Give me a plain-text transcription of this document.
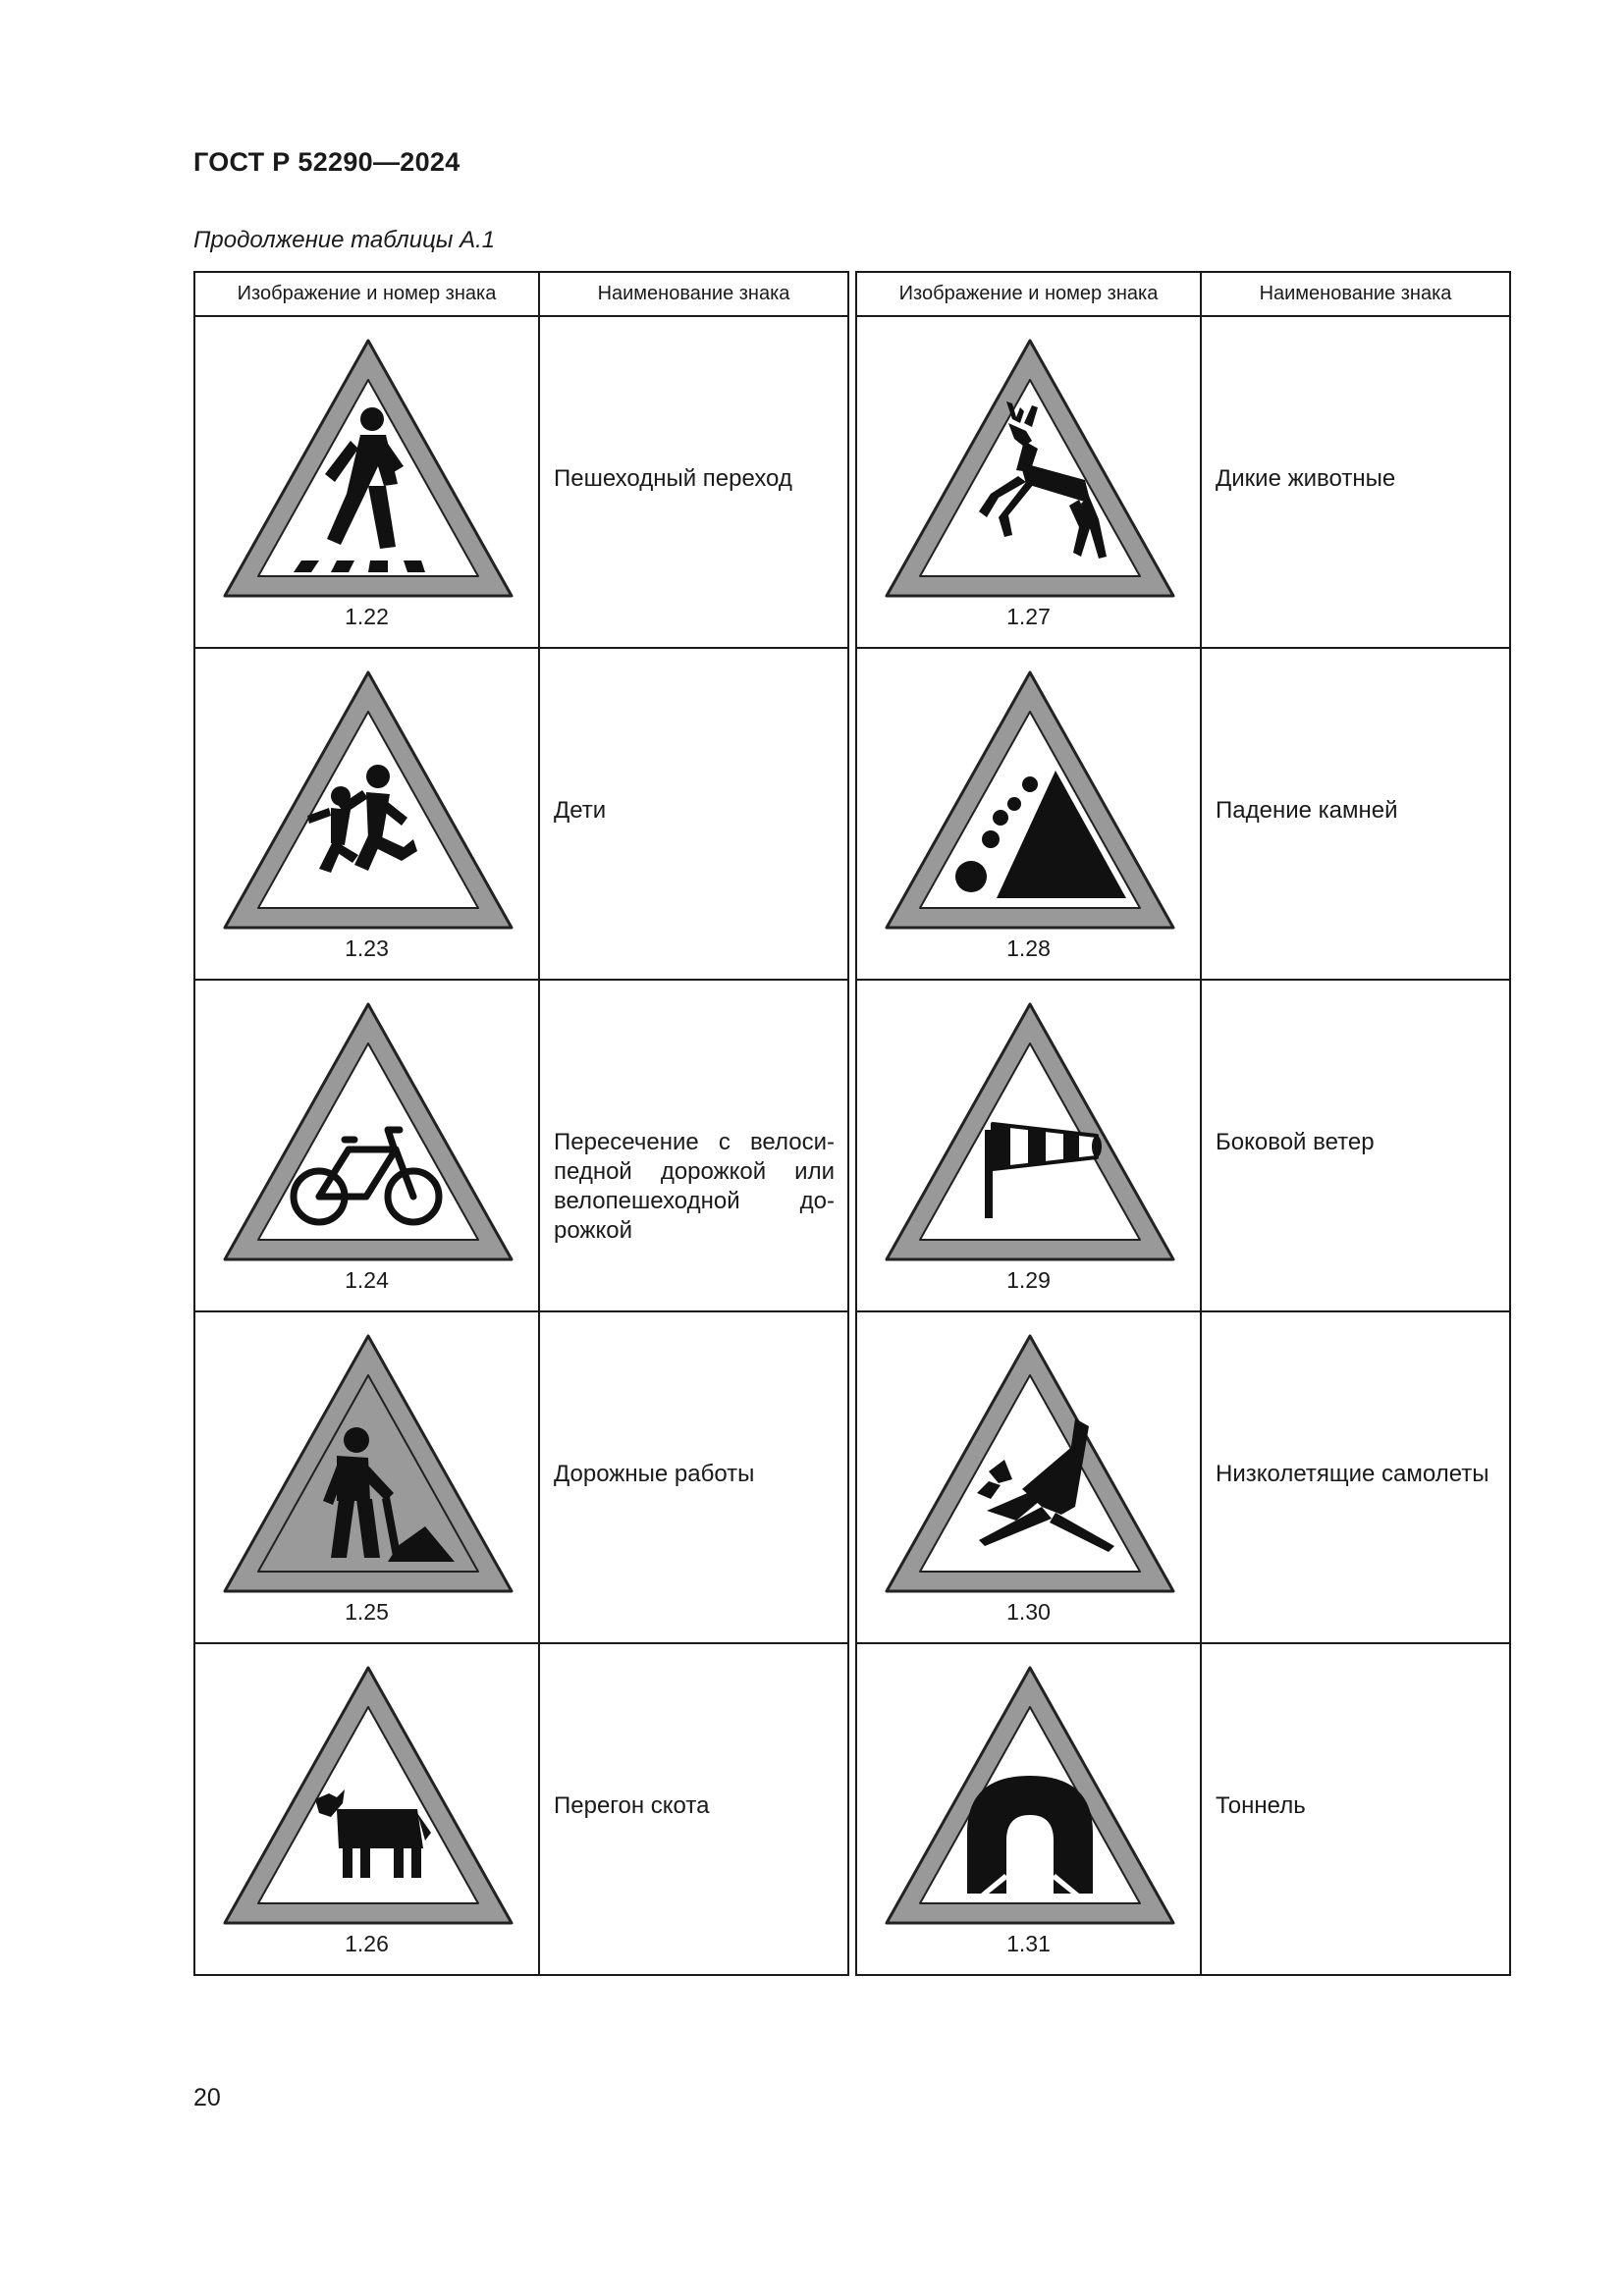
ГОСТ Р 52290—2024
Продолжение таблицы А.1
Изображение и номер знака	Наименование знака

1.22	Пешеходный переход

1.23	Дети

1.24	Пересечение с велоси-педной дорожкой или велопешеходной до-рожкой

1.25	Дорожные работы

1.26	Перегон скота
Изображение и номер знака	Наименование знака

1.27	Дикие животные

1.28	Падение камней

1.29	Боковой ветер

1.30	Низколетящие самолеты

1.31	Тоннель
20
